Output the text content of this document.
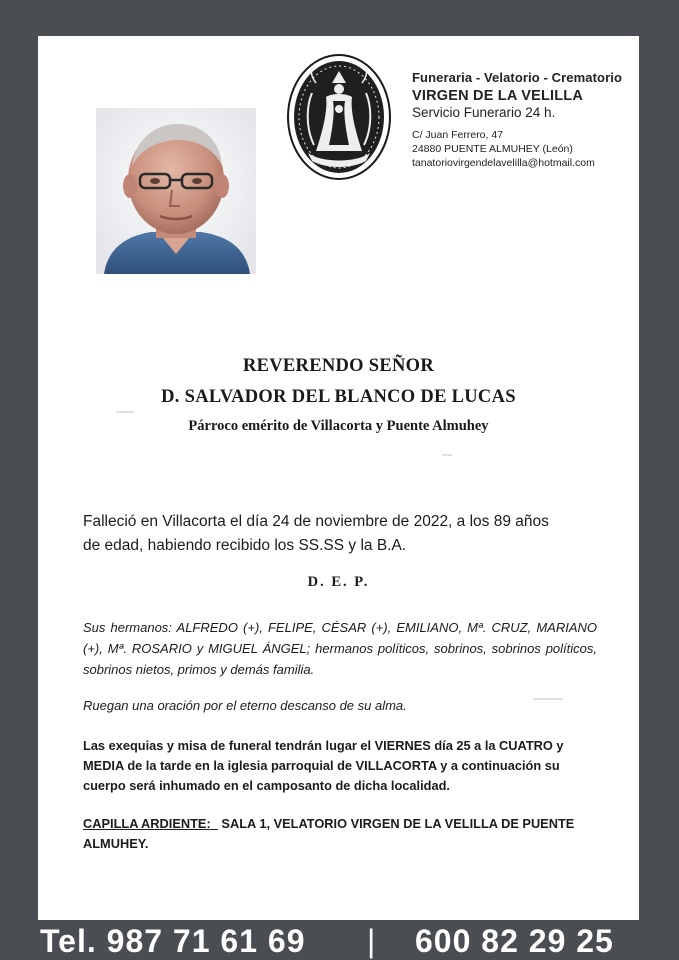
Funeraria - Velatorio - Crematorio
VIRGEN DE LA VELILLA
Servicio Funerario 24 h.
C/ Juan Ferrero, 47
24880 PUENTE ALMUHEY (León)
tanatoriovirgendelavelilla@hotmail.com
REVERENDO SEÑOR
D. SALVADOR DEL BLANCO DE LUCAS
Párroco emérito de Villacorta y Puente Almuhey
Falleció en Villacorta el día 24 de noviembre de 2022, a los 89 años
de edad, habiendo recibido los SS.SS y la B.A.
D. E. P.
Sus hermanos: ALFREDO (+), FELIPE, CÉSAR (+), EMILIANO, Mª. CRUZ, MARIANO (+), Mª. ROSARIO y MIGUEL ÁNGEL; hermanos políticos, sobrinos, sobrinos políticos, sobrinos nietos, primos y demás familia.
Ruegan una oración por el eterno descanso de su alma.
Las exequias y misa de funeral tendrán lugar el VIERNES día 25 a la CUATRO y MEDIA de la tarde en la iglesia parroquial de VILLACORTA y a continuación su cuerpo será inhumado en el camposanto de dicha localidad.
CAPILLA ARDIENTE: SALA 1, VELATORIO VIRGEN DE LA VELILLA DE PUENTE ALMUHEY.
Tel. 987 71 61 69 | 600 82 29 25
